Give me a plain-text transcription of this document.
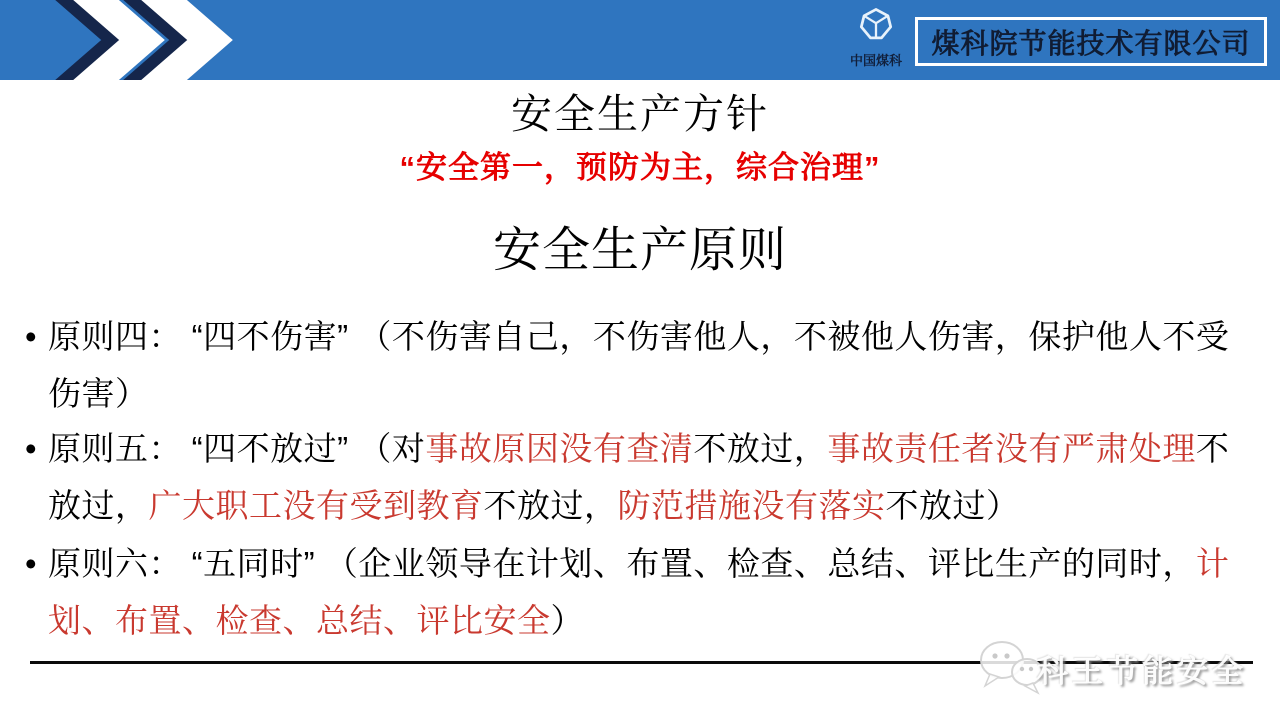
中国煤科
煤科院节能技术有限公司
安全生产方针
“安全第一，预防为主，综合治理”
安全生产原则
• 原则四： “四不伤害” （不伤害自己，不伤害他人，不被他人伤害，保护他人不受
伤害）
• 原则五： “四不放过” （对事故原因没有查清不放过，事故责任者没有严肃处理不
放过，广大职工没有受到教育不放过，防范措施没有落实不放过）
• 原则六： “五同时” （企业领导在计划、布置、检查、总结、评比生产的同时，计
划、布置、检查、总结、评比安全）
科王节能安全
